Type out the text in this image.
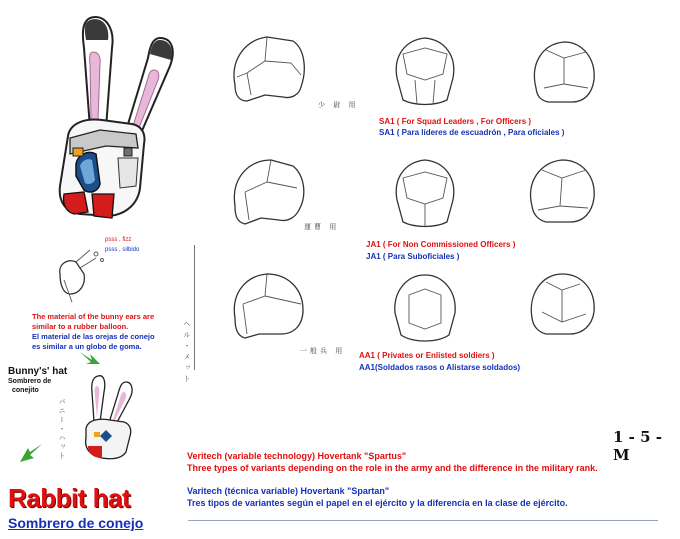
少 尉 用
運曹 用
一般兵 用
SA1 ( For Squad Leaders , For Officers )
SA1 ( Para líderes de escuadrón , Para oficiales )
JA1 ( For Non Commissioned Officers )
JA1 ( Para Suboficiales )
AA1 ( Privates or Enlisted soldiers )
AA1(Soldados rasos o Alistarse soldados)
ヘル・メット
psss , fizz
psss , silbido
The material of the bunny ears are similar to a rubber balloon.
El material de las orejas de conejo es similar a un globo de goma.
Bunny's' hat
Sombrero de
conejito
バニー・ハット	1 - 5 - M
Veritech (variable technology) Hovertank "Spartus"
Three types of variants depending on the role in the army and the difference in the military rank.
Varitech (técnica variable) Hovertank "Spartan"
Tres tipos de variantes según el papel en el ejército y la diferencia en la clase de ejército.
Rabbit hat
Sombrero de conejo
